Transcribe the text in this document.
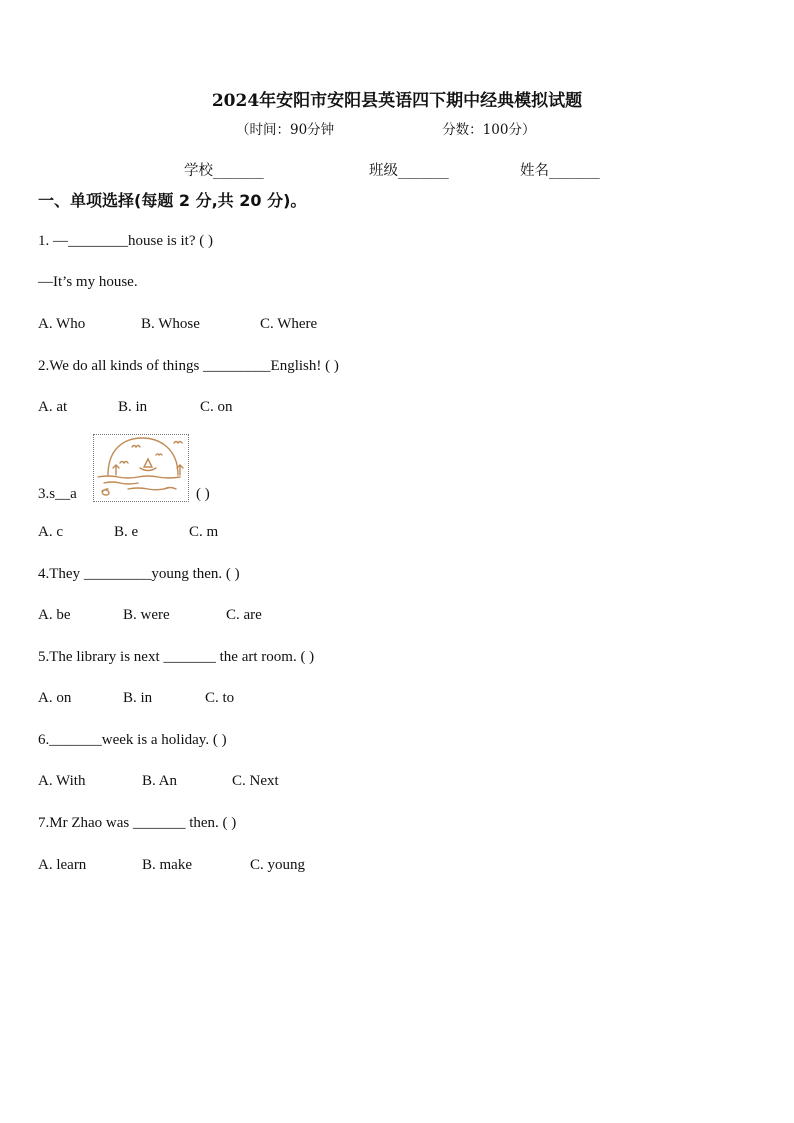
2024年安阳市安阳县英语四下期中经典模拟试题
（时间：90分钟	分数：100分）
学校_______	班级_______	姓名_______
一、单项选择(每题 2 分,共 20 分)。
1. —________house is it? ( )
—It’s my house.
A. Who	B. Whose	C. Where
2.We do all kinds of things _________English! ( )
A. at	B. in	C. on
3.s__a	( )
A. c	B. e	C. m
4.They _________young then. ( )
A. be	B. were	C. are
5.The library is next _______ the art room. ( )
A. on	B. in	C. to
6._______week is a holiday. ( )
A. With	B. An	C. Next
7.Mr Zhao was _______ then. ( )
A. learn	B. make	C. young
